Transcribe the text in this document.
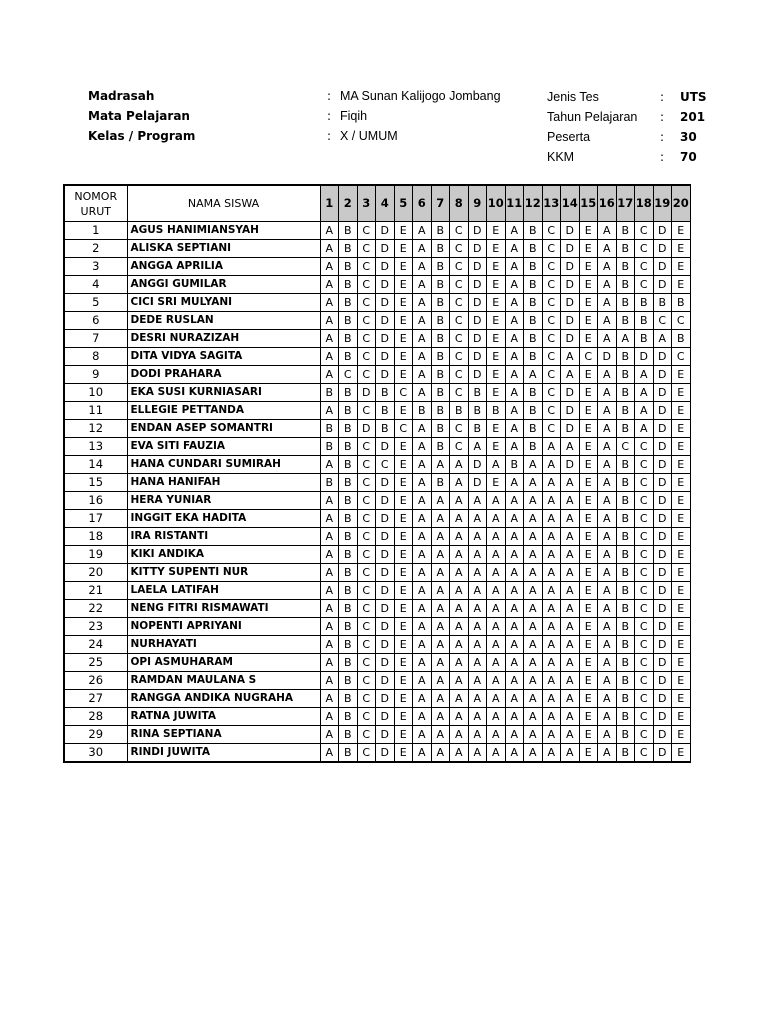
Madrasah	: MA Sunan Kalijogo Jombang
Mata Pelajaran	: Fiqih
Kelas / Program	: X / UMUM
Jenis Tes	: UTS
Tahun Pelajaran : 201
Peserta	: 30
KKM	: 70
NOMOR
URUT	NAMA SISWA	1	2	3	4	5	6	7	8	9	10	11	12	13	14	15	16	17	18	19	20
1	AGUS HANIMIANSYAH	A	B	C	D	E	A	B	C	D	E	A	B	C	D	E	A	B	C	D	E
2	ALISKA SEPTIANI	A	B	C	D	E	A	B	C	D	E	A	B	C	D	E	A	B	C	D	E
3	ANGGA APRILIA	A	B	C	D	E	A	B	C	D	E	A	B	C	D	E	A	B	C	D	E
4	ANGGI GUMILAR	A	B	C	D	E	A	B	C	D	E	A	B	C	D	E	A	B	C	D	E
5	CICI SRI MULYANI	A	B	C	D	E	A	B	C	D	E	A	B	C	D	E	A	B	B	B	B
6	DEDE RUSLAN	A	B	C	D	E	A	B	C	D	E	A	B	C	D	E	A	B	B	C	C
7	DESRI NURAZIZAH	A	B	C	D	E	A	B	C	D	E	A	B	C	D	E	A	A	B	A	B
8	DITA VIDYA SAGITA	A	B	C	D	E	A	B	C	D	E	A	B	C	A	C	D	B	D	D	C
9	DODI PRAHARA	A	C	C	D	E	A	B	C	D	E	A	A	C	A	E	A	B	A	D	E
10	EKA SUSI KURNIASARI	B	B	D	B	C	A	B	C	B	E	A	B	C	D	E	A	B	A	D	E
11	ELLEGIE PETTANDA	A	B	C	B	E	B	B	B	B	B	A	B	C	D	E	A	B	A	D	E
12	ENDAN ASEP SOMANTRI	B	B	D	B	C	A	B	C	B	E	A	B	C	D	E	A	B	A	D	E
13	EVA SITI FAUZIA	B	B	C	D	E	A	B	C	A	E	A	B	A	A	E	A	C	C	D	E
14	HANA CUNDARI SUMIRAH	A	B	C	C	E	A	A	A	D	A	B	A	A	D	E	A	B	C	D	E
15	HANA HANIFAH	B	B	C	D	E	A	B	A	D	E	A	A	A	A	E	A	B	C	D	E
16	HERA YUNIAR	A	B	C	D	E	A	A	A	A	A	A	A	A	A	E	A	B	C	D	E
17	INGGIT EKA HADITA	A	B	C	D	E	A	A	A	A	A	A	A	A	A	E	A	B	C	D	E
18	IRA RISTANTI	A	B	C	D	E	A	A	A	A	A	A	A	A	A	E	A	B	C	D	E
19	KIKI ANDIKA	A	B	C	D	E	A	A	A	A	A	A	A	A	A	E	A	B	C	D	E
20	KITTY SUPENTI NUR	A	B	C	D	E	A	A	A	A	A	A	A	A	A	E	A	B	C	D	E
21	LAELA LATIFAH	A	B	C	D	E	A	A	A	A	A	A	A	A	A	E	A	B	C	D	E
22	NENG FITRI RISMAWATI	A	B	C	D	E	A	A	A	A	A	A	A	A	A	E	A	B	C	D	E
23	NOPENTI APRIYANI	A	B	C	D	E	A	A	A	A	A	A	A	A	A	E	A	B	C	D	E
24	NURHAYATI	A	B	C	D	E	A	A	A	A	A	A	A	A	A	E	A	B	C	D	E
25	OPI ASMUHARAM	A	B	C	D	E	A	A	A	A	A	A	A	A	A	E	A	B	C	D	E
26	RAMDAN MAULANA S	A	B	C	D	E	A	A	A	A	A	A	A	A	A	E	A	B	C	D	E
27	RANGGA ANDIKA NUGRAHA	A	B	C	D	E	A	A	A	A	A	A	A	A	A	E	A	B	C	D	E
28	RATNA JUWITA	A	B	C	D	E	A	A	A	A	A	A	A	A	A	E	A	B	C	D	E
29	RINA SEPTIANA	A	B	C	D	E	A	A	A	A	A	A	A	A	A	E	A	B	C	D	E
30	RINDI JUWITA	A	B	C	D	E	A	A	A	A	A	A	A	A	A	E	A	B	C	D	E
